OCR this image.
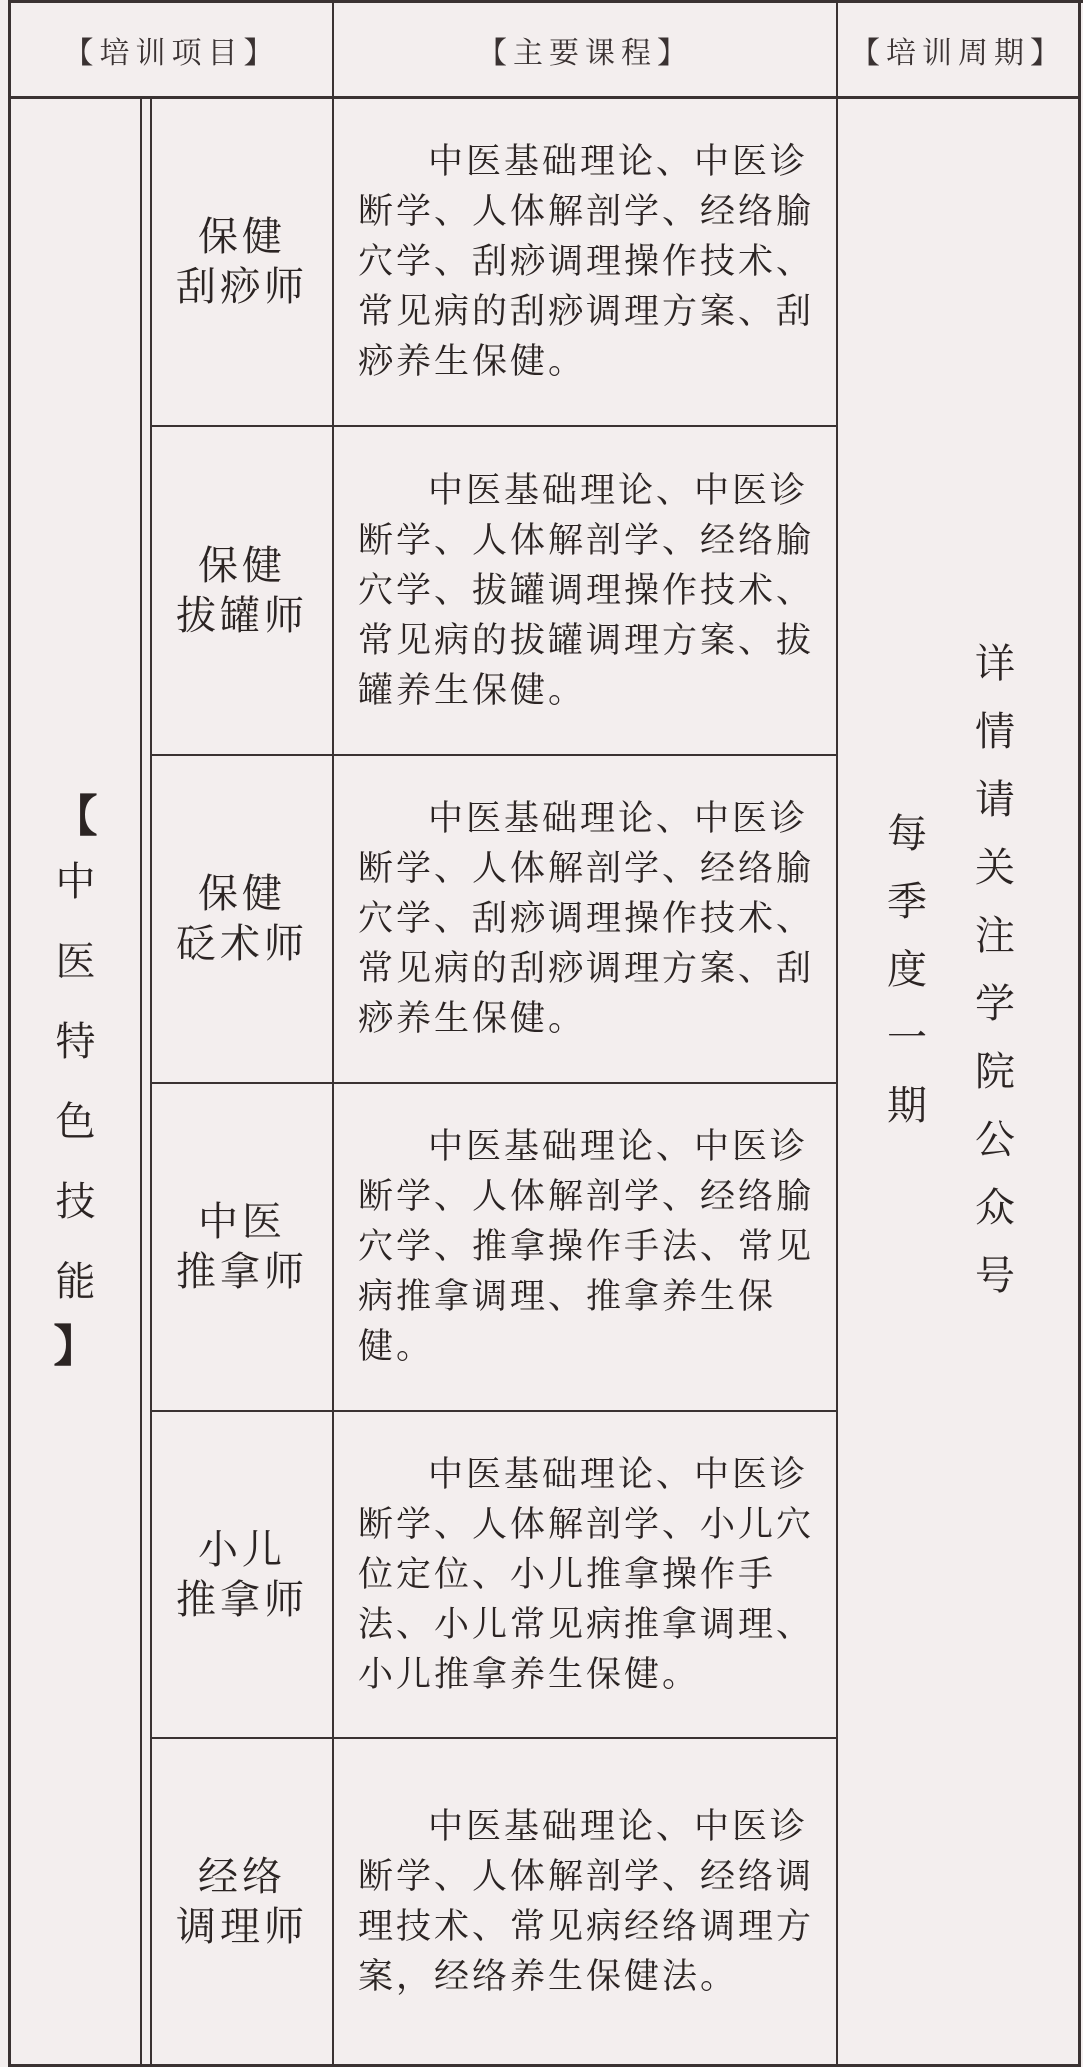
【培训项目】	【主要课程】	【培训周期】
【
中医特色技能
】
保健
刮痧师

中医基础理论、中医诊断学、人体解剖学、经络腧穴学、刮痧调理操作技术、常见病的刮痧调理方案、刮痧养生保健。

保健
拔罐师

中医基础理论、中医诊断学、人体解剖学、经络腧穴学、拔罐调理操作技术、常见病的拔罐调理方案、拔罐养生保健。

保健
砭术师

中医基础理论、中医诊断学、人体解剖学、经络腧穴学、刮痧调理操作技术、常见病的刮痧调理方案、刮痧养生保健。

中医
推拿师

中医基础理论、中医诊断学、人体解剖学、经络腧穴学、推拿操作手法、常见病推拿调理、推拿养生保健。

小儿
推拿师

中医基础理论、中医诊断学、人体解剖学、小儿穴位定位、小儿推拿操作手法、小儿常见病推拿调理、小儿推拿养生保健。

经络
调理师

中医基础理论、中医诊断学、人体解剖学、经络调理技术、常见病经络调理方案，经络养生保健法。

每季度一期
详情请关注学院公众号
